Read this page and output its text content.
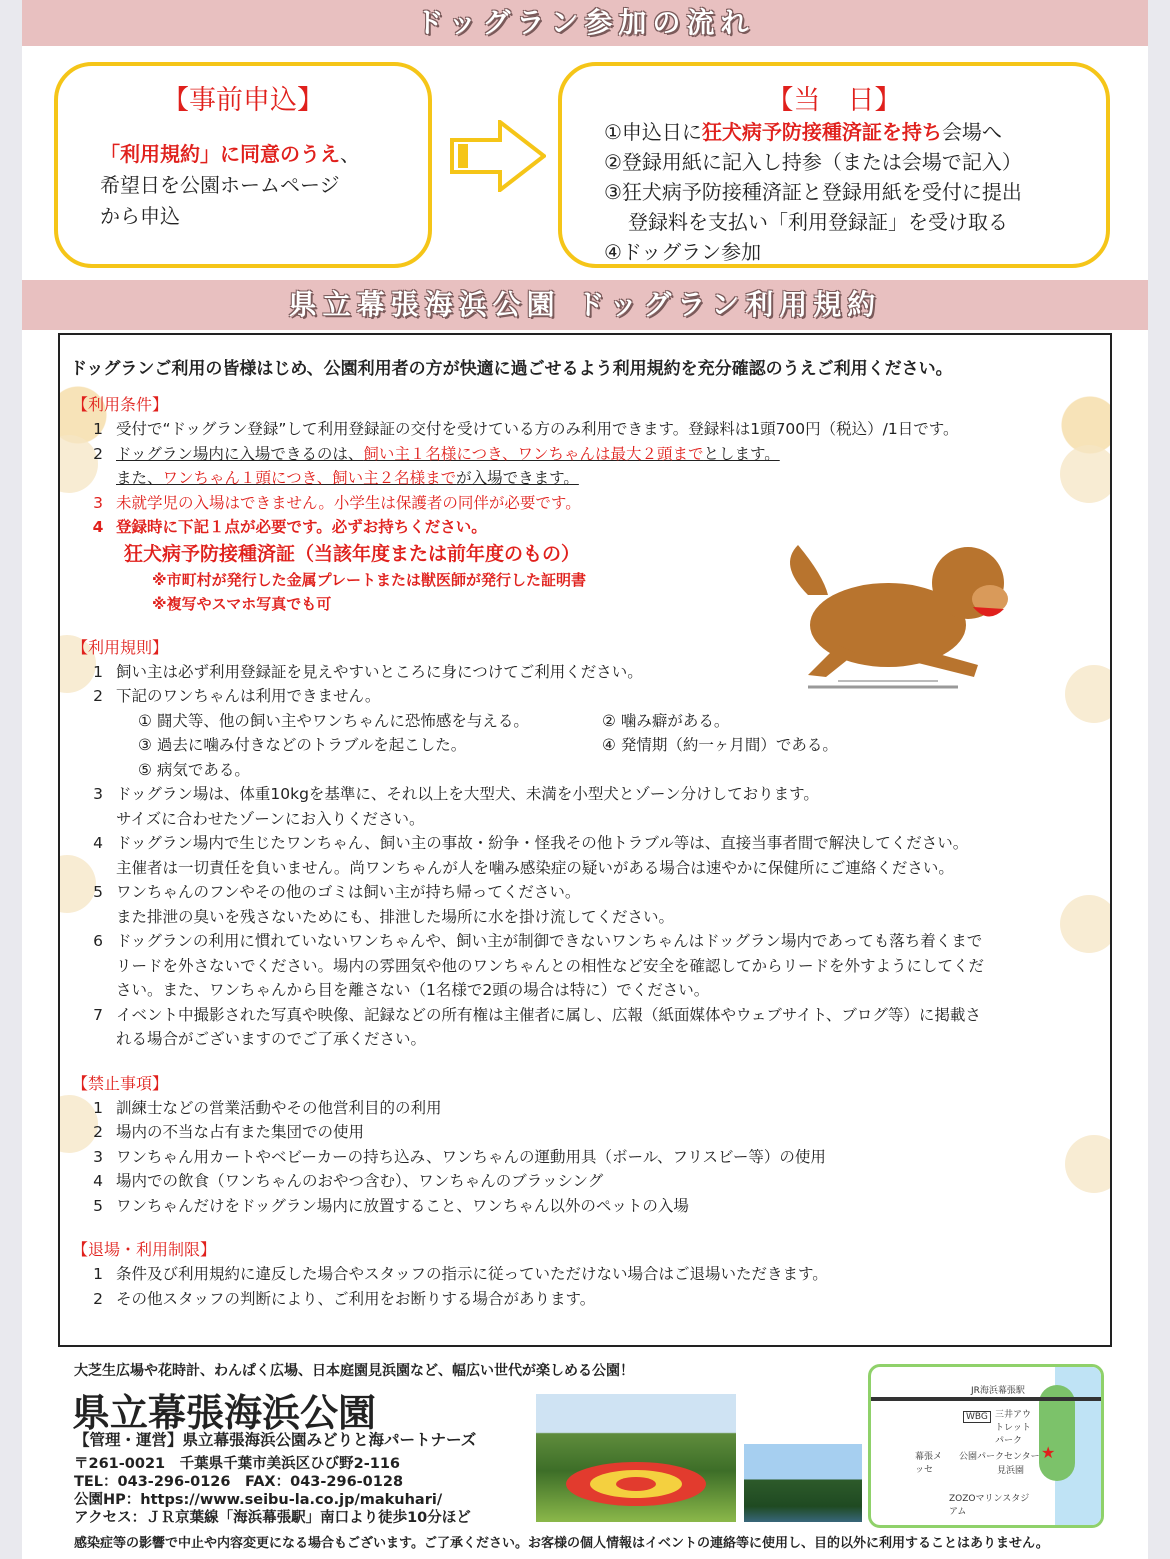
ドッグラン参加の流れ
【事前申込】
「利用規約」に同意のうえ、
希望日を公園ホームページ
から申込
【当　日】
①申込日に狂犬病予防接種済証を持ち会場へ
②登録用紙に記入し持参（または会場で記入）
③狂犬病予防接種済証と登録用紙を受付に提出
登録料を支払い「利用登録証」を受け取る
④ドッグラン参加
県立幕張海浜公園 ドッグラン利用規約
ドッグランご利用の皆様はじめ、公園利用者の方が快適に過ごせるよう利用規約を充分確認のうえご利用ください。
【利用条件】
1 受付で“ドッグラン登録”して利用登録証の交付を受けている方のみ利用できます。登録料は1頭700円（税込）/1日です。
2 ドッグラン場内に入場できるのは、飼い主１名様につき、ワンちゃんは最大２頭までとします。
また、ワンちゃん１頭につき、飼い主２名様までが入場できます。
3 未就学児の入場はできません。小学生は保護者の同伴が必要です。
4 登録時に下記１点が必要です。必ずお持ちください。
狂犬病予防接種済証（当該年度または前年度のもの）
※市町村が発行した金属プレートまたは獣医師が発行した証明書
※複写やスマホ写真でも可
【利用規則】
1 飼い主は必ず利用登録証を見えやすいところに身につけてご利用ください。
2 下記のワンちゃんは利用できません。
① 闘犬等、他の飼い主やワンちゃんに恐怖感を与える。	② 噛み癖がある。
③ 過去に噛み付きなどのトラブルを起こした。	④ 発情期（約一ヶ月間）である。
⑤ 病気である。
3 ドッグラン場は、体重10kgを基準に、それ以上を大型犬、未満を小型犬とゾーン分けしております。
サイズに合わせたゾーンにお入りください。
4 ドッグラン場内で生じたワンちゃん、飼い主の事故・紛争・怪我その他トラブル等は、直接当事者間で解決してください。
主催者は一切責任を負いません。尚ワンちゃんが人を噛み感染症の疑いがある場合は速やかに保健所にご連絡ください。
5 ワンちゃんのフンやその他のゴミは飼い主が持ち帰ってください。
また排泄の臭いを残さないためにも、排泄した場所に水を掛け流してください。
6 ドッグランの利用に慣れていないワンちゃんや、飼い主が制御できないワンちゃんはドッグラン場内であっても落ち着くまで
リードを外さないでください。場内の雰囲気や他のワンちゃんとの相性など安全を確認してからリードを外すようにしてくだ
さい。また、ワンちゃんから目を離さない（1名様で2頭の場合は特に）でください。
7 イベント中撮影された写真や映像、記録などの所有権は主催者に属し、広報（紙面媒体やウェブサイト、ブログ等）に掲載さ
れる場合がございますのでご了承ください。
【禁止事項】
1 訓練士などの営業活動やその他営利目的の利用
2 場内の不当な占有また集団での使用
3 ワンちゃん用カートやベビーカーの持ち込み、ワンちゃんの運動用具（ボール、フリスビー等）の使用
4 場内での飲食（ワンちゃんのおやつ含む）、ワンちゃんのブラッシング
5 ワンちゃんだけをドッグラン場内に放置すること、ワンちゃん以外のペットの入場
【退場・利用制限】
1 条件及び利用規約に違反した場合やスタッフの指示に従っていただけない場合はご退場いただきます。
2 その他スタッフの判断により、ご利用をお断りする場合があります。
大芝生広場や花時計、わんぱく広場、日本庭園見浜園など、幅広い世代が楽しめる公園！
県立幕張海浜公園
【管理・運営】県立幕張海浜公園みどりと海パートナーズ
〒261-0021　千葉県千葉市美浜区ひび野2-116
TEL：043-296-0126　FAX：043-296-0128
公園HP：https://www.seibu-la.co.jp/makuhari/
アクセス：ＪＲ京葉線「海浜幕張駅」南口より徒歩10分ほど
JR海浜幕張駅
WBG 三井アウトレットパーク
幕張メッセ
公園パークセンター ★
見浜園
ZOZOマリンスタジアム
感染症等の影響で中止や内容変更になる場合もございます。ご了承ください。お客様の個人情報はイベントの連絡等に使用し、目的以外に利用することはありません。
